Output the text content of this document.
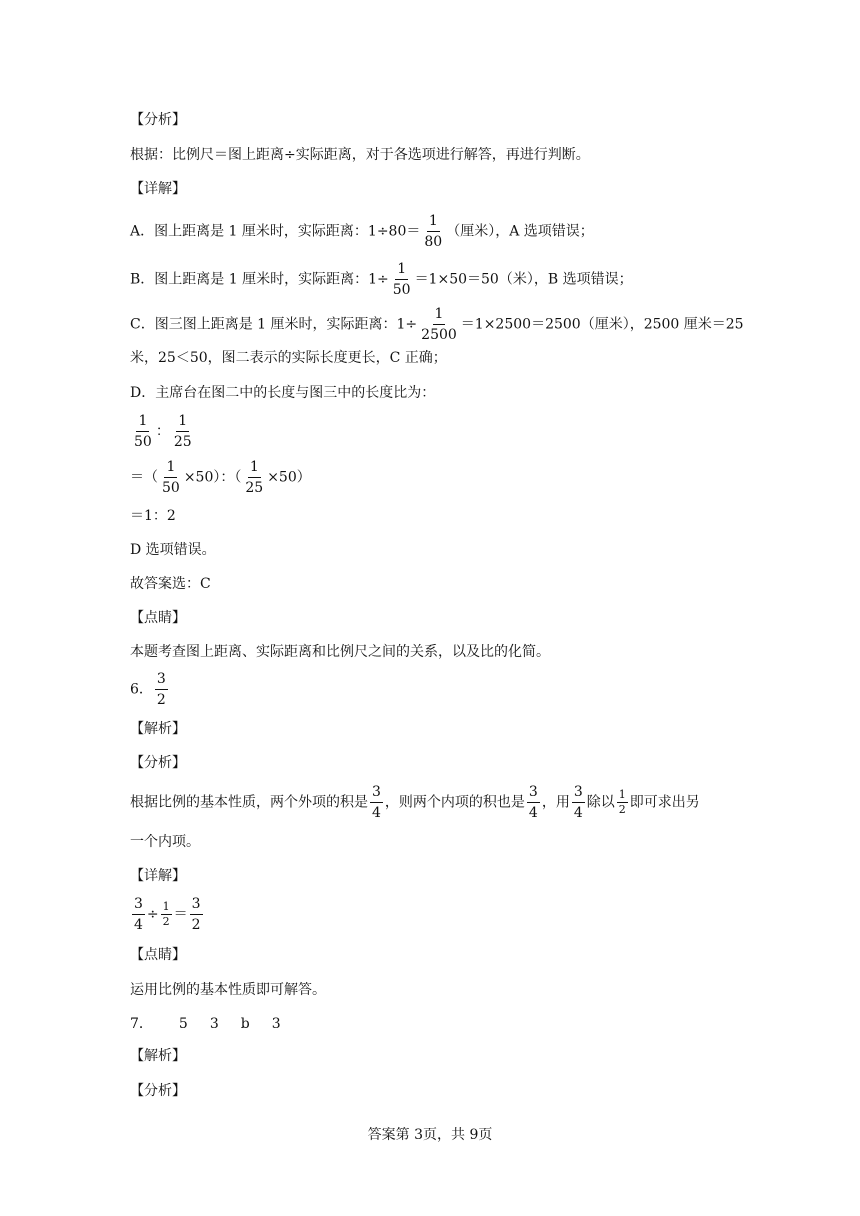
【分析】
根据：比例尺＝图上距离÷实际距离，对于各选项进行解答，再进行判断。
【详解】
A．图上距离是 1 厘米时，实际距离：$1\div 80= \frac{1}{80}$ （厘米），A 选项错误；
B．图上距离是 1 厘米时，实际距离：$1\div \frac{1}{50} =1\times 50=50$（米），B 选项错误；
C．图三图上距离是 1 厘米时，实际距离：$1\div \frac{1}{2500} =1\times 2500=2500$（厘米），2500 厘米＝25
米，25＜50，图二表示的实际长度更长，C 正确；
D．主席台在图二中的长度与图三中的长度比为：
$\frac{1}{50}$ ： $\frac{1}{25}$
＝（ $\frac{1}{50} \times 50$）：（ $\frac{1}{25} \times 50$）
＝1：2
D 选项错误。
故答案选：C
【点睛】
本题考查图上距离、实际距离和比例尺之间的关系，以及比的化简。
6． $\frac{3}{2}$
【解析】
【分析】
根据比例的基本性质，两个外项的积是 $\frac{3}{4}$ ，则两个内项的积也是 $\frac{3}{4}$ ，用 $\frac{3}{4}$ 除以 $\frac{1}{2}$ 即可求出另
一个内项。
【详解】
$\frac{3}{4} \div \frac{1}{2} = \frac{3}{2}$
【点睛】
运用比例的基本性质即可解答。
7． 5 3 b 3
【解析】
【分析】
答案第 3页，共 9页
